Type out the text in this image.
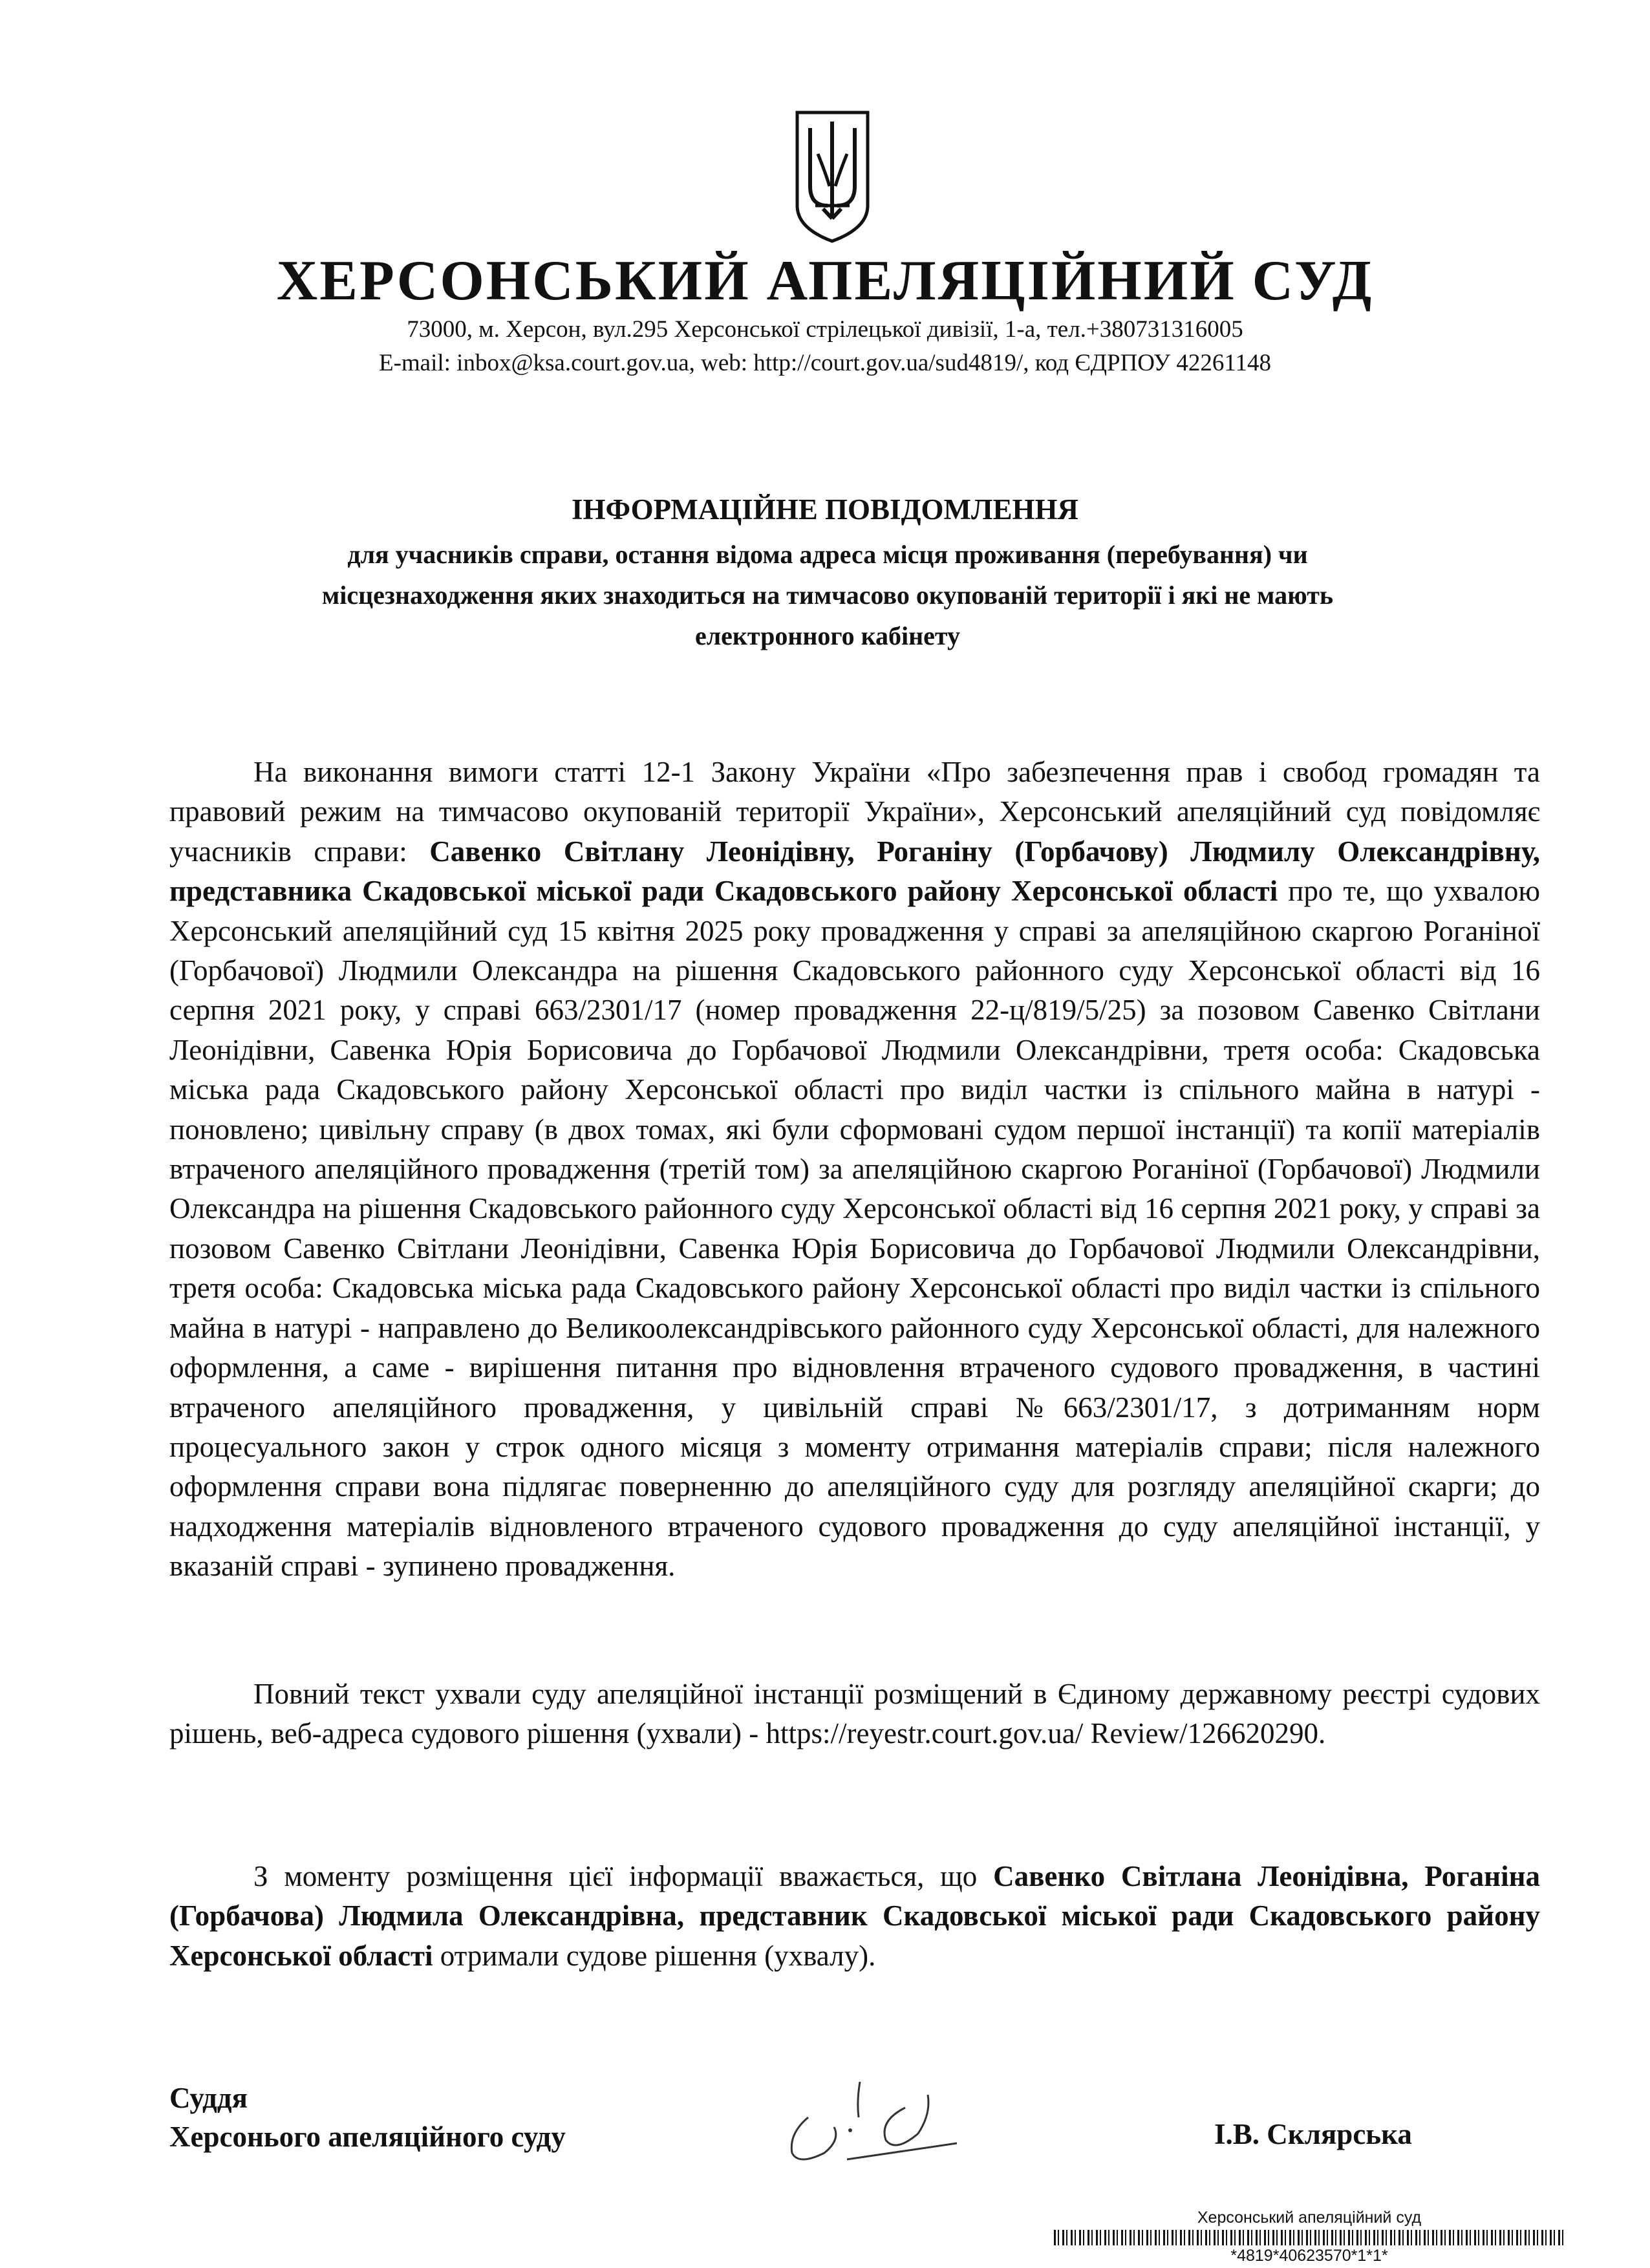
ХЕРСОНСЬКИЙ АПЕЛЯЦІЙНИЙ СУД
73000, м. Херсон, вул.295 Херсонської стрілецької дивізії, 1-а, тел.+380731316005
E-mail: inbox@ksa.court.gov.ua, web: http://court.gov.ua/sud4819/, код ЄДРПОУ 42261148
ІНФОРМАЦІЙНЕ ПОВІДОМЛЕННЯ
для учасників справи, остання відома адреса місця проживання (перебування) чи
місцезнаходження яких знаходиться на тимчасово окупованій території і які не мають
електронного кабінету

На виконання вимоги статті 12-1 Закону України «Про забезпечення прав і свобод громадян та правовий режим на тимчасово окупованій території України», Херсонський апеляційний суд повідомляє учасників справи: Савенко Світлану Леонідівну, Роганіну (Горбачову) Людмилу Олександрівну, представника Скадовської міської ради Скадовського району Херсонської області про те, що ухвалою Херсонський апеляційний суд 15 квітня 2025 року провадження у справі за апеляційною скаргою Роганіної (Горбачової) Людмили Олександра на рішення Скадовського районного суду Херсонської області від 16 серпня 2021 року, у справі 663/2301/17 (номер провадження 22-ц/819/5/25) за позовом Савенко Світлани Леонідівни, Савенка Юрія Борисовича до Горбачової Людмили Олександрівни, третя особа: Скадовська міська рада Скадовського району Херсонської області про виділ частки із спільного майна в натурі - поновлено; цивільну справу (в двох томах, які були сформовані судом першої інстанції) та копії матеріалів втраченого апеляційного провадження (третій том) за апеляційною скаргою Роганіної (Горбачової) Людмили Олександра на рішення Скадовського районного суду Херсонської області від 16 серпня 2021 року, у справі за позовом Савенко Світлани Леонідівни, Савенка Юрія Борисовича до Горбачової Людмили Олександрівни, третя особа: Скадовська міська рада Скадовського району Херсонської області про виділ частки із спільного майна в натурі - направлено до Великоолександрівського районного суду Херсонської області, для належного оформлення, а саме - вирішення питання про відновлення втраченого судового провадження, в частині втраченого апеляційного провадження, у цивільній справі №663/2301/17, з дотриманням норм процесуального закон у строк одного місяця з моменту отримання матеріалів справи; після належного оформлення справи вона підлягає поверненню до апеляційного суду для розгляду апеляційної скарги; до надходження матеріалів відновленого втраченого судового провадження до суду апеляційної інстанції, у вказаній справі - зупинено провадження.

Повний текст ухвали суду апеляційної інстанції розміщений в Єдиному державному реєстрі судових рішень, веб-адреса судового рішення (ухвали) - https://reyestr.court.gov.ua/ Review/126620290.

З моменту розміщення цієї інформації вважається, що Савенко Світлана Леонідівна, Роганіна (Горбачова) Людмила Олександрівна, представник Скадовської міської ради Скадовського району Херсонської області отримали судове рішення (ухвалу).

Суддя
Херсонього апеляційного суду	І.В. Склярська
Херсонський апеляційний суд
*4819*40623570*1*1*
